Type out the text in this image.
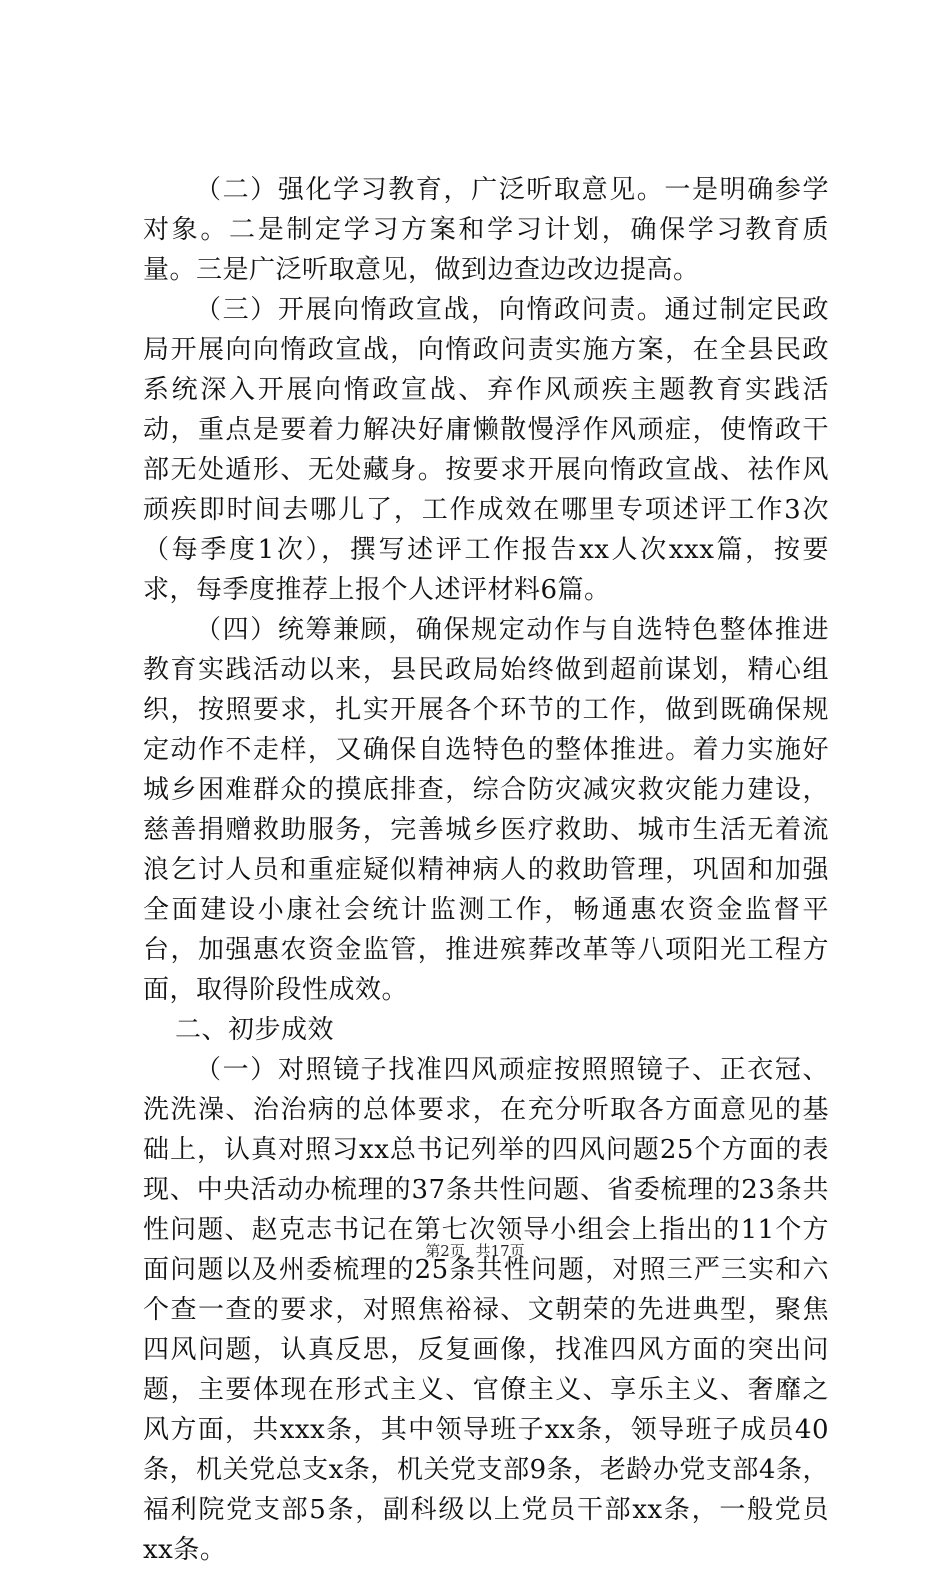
（二）强化学习教育，广泛听取意见。一是明确参学对象。二是制定学习方案和学习计划，确保学习教育质量。三是广泛听取意见，做到边查边改边提高。

（三）开展向惰政宣战，向惰政问责。通过制定民政局开展向向惰政宣战，向惰政问责实施方案，在全县民政系统深入开展向惰政宣战、弃作风顽疾主题教育实践活动，重点是要着力解决好庸懒散慢浮作风顽症，使惰政干部无处遁形、无处藏身。按要求开展向惰政宣战、祛作风顽疾即时间去哪儿了，工作成效在哪里专项述评工作3次（每季度1次），撰写述评工作报告xx人次xxx篇，按要求，每季度推荐上报个人述评材料6篇。

（四）统筹兼顾，确保规定动作与自选特色整体推进教育实践活动以来，县民政局始终做到超前谋划，精心组织，按照要求，扎实开展各个环节的工作，做到既确保规定动作不走样，又确保自选特色的整体推进。着力实施好城乡困难群众的摸底排查，综合防灾减灾救灾能力建设，慈善捐赠救助服务，完善城乡医疗救助、城市生活无着流浪乞讨人员和重症疑似精神病人的救助管理，巩固和加强全面建设小康社会统计监测工作，畅通惠农资金监督平台，加强惠农资金监管，推进殡葬改革等八项阳光工程方面，取得阶段性成效。

二、初步成效

（一）对照镜子找准四风顽症按照照镜子、正衣冠、洗洗澡、治治病的总体要求，在充分听取各方面意见的基础上，认真对照习xx总书记列举的四风问题25个方面的表现、中央活动办梳理的37条共性问题、省委梳理的23条共性问题、赵克志书记在第七次领导小组会上指出的11个方面问题以及州委梳理的25条共性问题，对照三严三实和六个查一查的要求，对照焦裕禄、文朝荣的先进典型，聚焦四风问题，认真反思，反复画像，找准四风方面的突出问题，主要体现在形式主义、官僚主义、享乐主义、奢靡之风方面，共xxx条，其中领导班子xx条，领导班子成员40条，机关党总支x条，机关党支部9条，老龄办党支部4条，福利院党支部5条，副科级以上党员干部xx条，一般党员xx条。

第2页 共17页
